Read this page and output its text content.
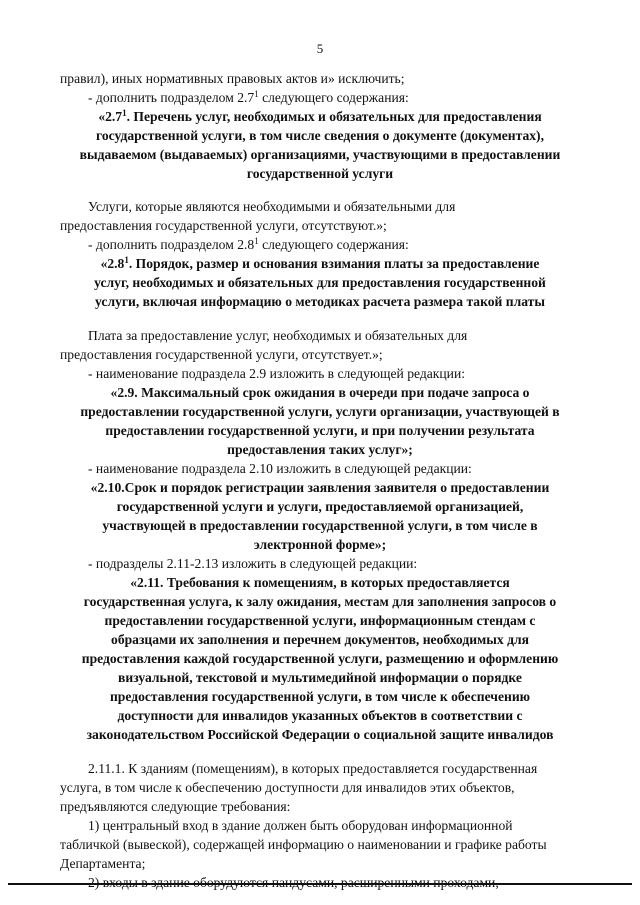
5
правил), иных нормативных правовых актов и» исключить;
- дополнить подразделом $2.7^1$ следующего содержания:
«$2.7^1$. Перечень услуг, необходимых и обязательных для предоставления
государственной услуги, в том числе сведения о документе (документах),
выдаваемом (выдаваемых) организациями, участвующими в предоставлении
государственной услуги
Услуги, которые являются необходимыми и обязательными для
предоставления государственной услуги, отсутствуют.»;
- дополнить подразделом $2.8^1$ следующего содержания:
«$2.8^1$. Порядок, размер и основания взимания платы за предоставление
услуг, необходимых и обязательных для предоставления государственной
услуги, включая информацию о методиках расчета размера такой платы
Плата за предоставление услуг, необходимых и обязательных для
предоставления государственной услуги, отсутствует.»;
- наименование подраздела 2.9 изложить в следующей редакции:
«2.9. Максимальный срок ожидания в очереди при подаче запроса о
предоставлении государственной услуги, услуги организации, участвующей в
предоставлении государственной услуги, и при получении результата
предоставления таких услуг»;
- наименование подраздела 2.10 изложить в следующей редакции:
«2.10.Срок и порядок регистрации заявления заявителя о предоставлении
государственной услуги и услуги, предоставляемой организацией,
участвующей в предоставлении государственной услуги, в том числе в
электронной форме»;
- подразделы 2.11-2.13 изложить в следующей редакции:
«2.11. Требования к помещениям, в которых предоставляется
государственная услуга, к залу ожидания, местам для заполнения запросов о
предоставлении государственной услуги, информационным стендам с
образцами их заполнения и перечнем документов, необходимых для
предоставления каждой государственной услуги, размещению и оформлению
визуальной, текстовой и мультимедийной информации о порядке
предоставления государственной услуги, в том числе к обеспечению
доступности для инвалидов указанных объектов в соответствии с
законодательством Российской Федерации о социальной защите инвалидов
2.11.1. К зданиям (помещениям), в которых предоставляется государственная
услуга, в том числе к обеспечению доступности для инвалидов этих объектов,
предъявляются следующие требования:
1) центральный вход в здание должен быть оборудован информационной
табличкой (вывеской), содержащей информацию о наименовании и графике работы
Департамента;
2) входы в здание оборудуются пандусами, расширенными проходами,
